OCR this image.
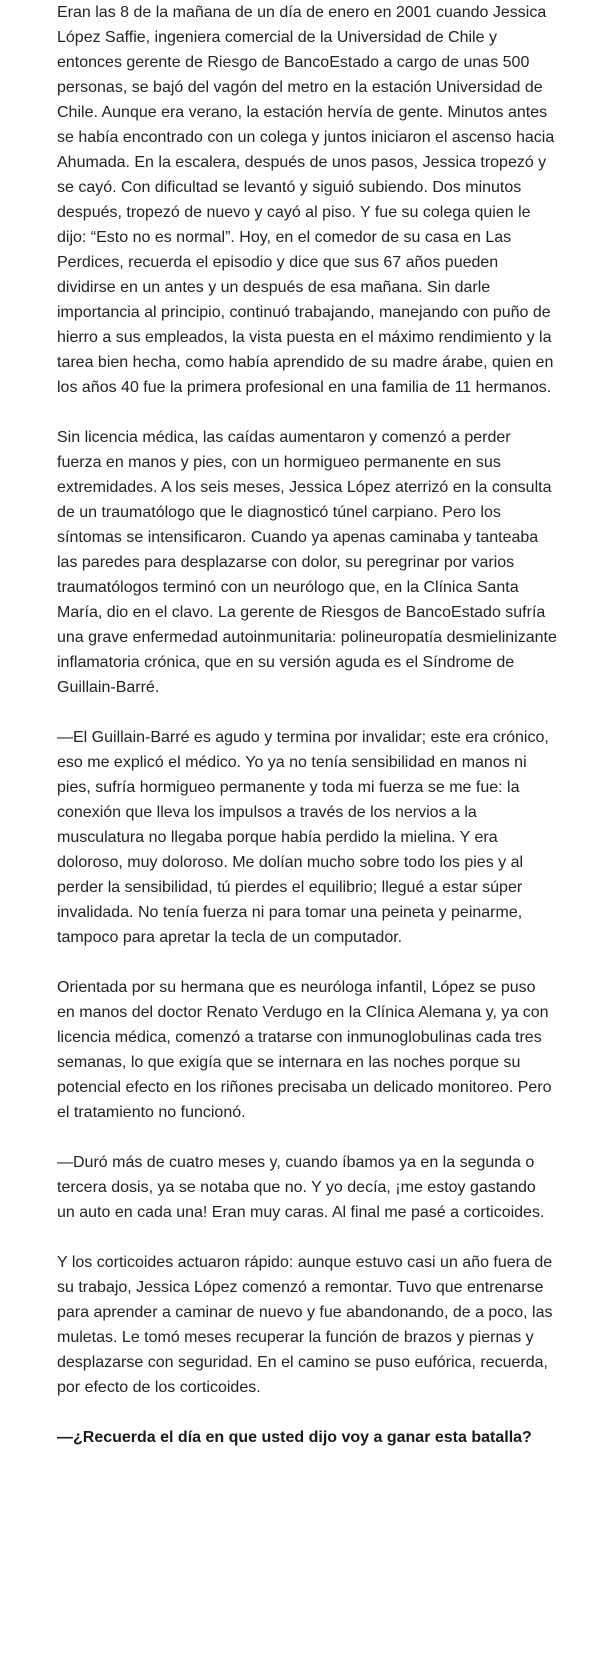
Eran las 8 de la mañana de un día de enero en 2001 cuando Jessica López Saffie, ingeniera comercial de la Universidad de Chile y entonces gerente de Riesgo de BancoEstado a cargo de unas 500 personas, se bajó del vagón del metro en la estación Universidad de Chile. Aunque era verano, la estación hervía de gente. Minutos antes se había encontrado con un colega y juntos iniciaron el ascenso hacia Ahumada. En la escalera, después de unos pasos, Jessica tropezó y se cayó. Con dificultad se levantó y siguió subiendo. Dos minutos después, tropezó de nuevo y cayó al piso. Y fue su colega quien le dijo: “Esto no es normal”. Hoy, en el comedor de su casa en Las Perdices, recuerda el episodio y dice que sus 67 años pueden dividirse en un antes y un después de esa mañana. Sin darle importancia al principio, continuó trabajando, manejando con puño de hierro a sus empleados, la vista puesta en el máximo rendimiento y la tarea bien hecha, como había aprendido de su madre árabe, quien en los años 40 fue la primera profesional en una familia de 11 hermanos.

Sin licencia médica, las caídas aumentaron y comenzó a perder fuerza en manos y pies, con un hormigueo permanente en sus extremidades. A los seis meses, Jessica López aterrizó en la consulta de un traumatólogo que le diagnosticó túnel carpiano. Pero los síntomas se intensificaron. Cuando ya apenas caminaba y tanteaba las paredes para desplazarse con dolor, su peregrinar por varios traumatólogos terminó con un neurólogo que, en la Clínica Santa María, dio en el clavo. La gerente de Riesgos de BancoEstado sufría una grave enfermedad autoinmunitaria: polineuropatía desmielinizante inflamatoria crónica, que en su versión aguda es el Síndrome de Guillain-Barré.

—El Guillain-Barré es agudo y termina por invalidar; este era crónico, eso me explicó el médico. Yo ya no tenía sensibilidad en manos ni pies, sufría hormigueo permanente y toda mi fuerza se me fue: la conexión que lleva los impulsos a través de los nervios a la musculatura no llegaba porque había perdido la mielina. Y era doloroso, muy doloroso. Me dolían mucho sobre todo los pies y al perder la sensibilidad, tú pierdes el equilibrio; llegué a estar súper invalidada. No tenía fuerza ni para tomar una peineta y peinarme, tampoco para apretar la tecla de un computador.

Orientada por su hermana que es neuróloga infantil, López se puso en manos del doctor Renato Verdugo en la Clínica Alemana y, ya con licencia médica, comenzó a tratarse con inmunoglobulinas cada tres semanas, lo que exigía que se internara en las noches porque su potencial efecto en los riñones precisaba un delicado monitoreo. Pero el tratamiento no funcionó.

—Duró más de cuatro meses y, cuando íbamos ya en la segunda o tercera dosis, ya se notaba que no. Y yo decía, ¡me estoy gastando un auto en cada una! Eran muy caras. Al final me pasé a corticoides.

Y los corticoides actuaron rápido: aunque estuvo casi un año fuera de su trabajo, Jessica López comenzó a remontar. Tuvo que entrenarse para aprender a caminar de nuevo y fue abandonando, de a poco, las muletas. Le tomó meses recuperar la función de brazos y piernas y desplazarse con seguridad. En el camino se puso eufórica, recuerda, por efecto de los corticoides.

—¿Recuerda el día en que usted dijo voy a ganar esta batalla?
